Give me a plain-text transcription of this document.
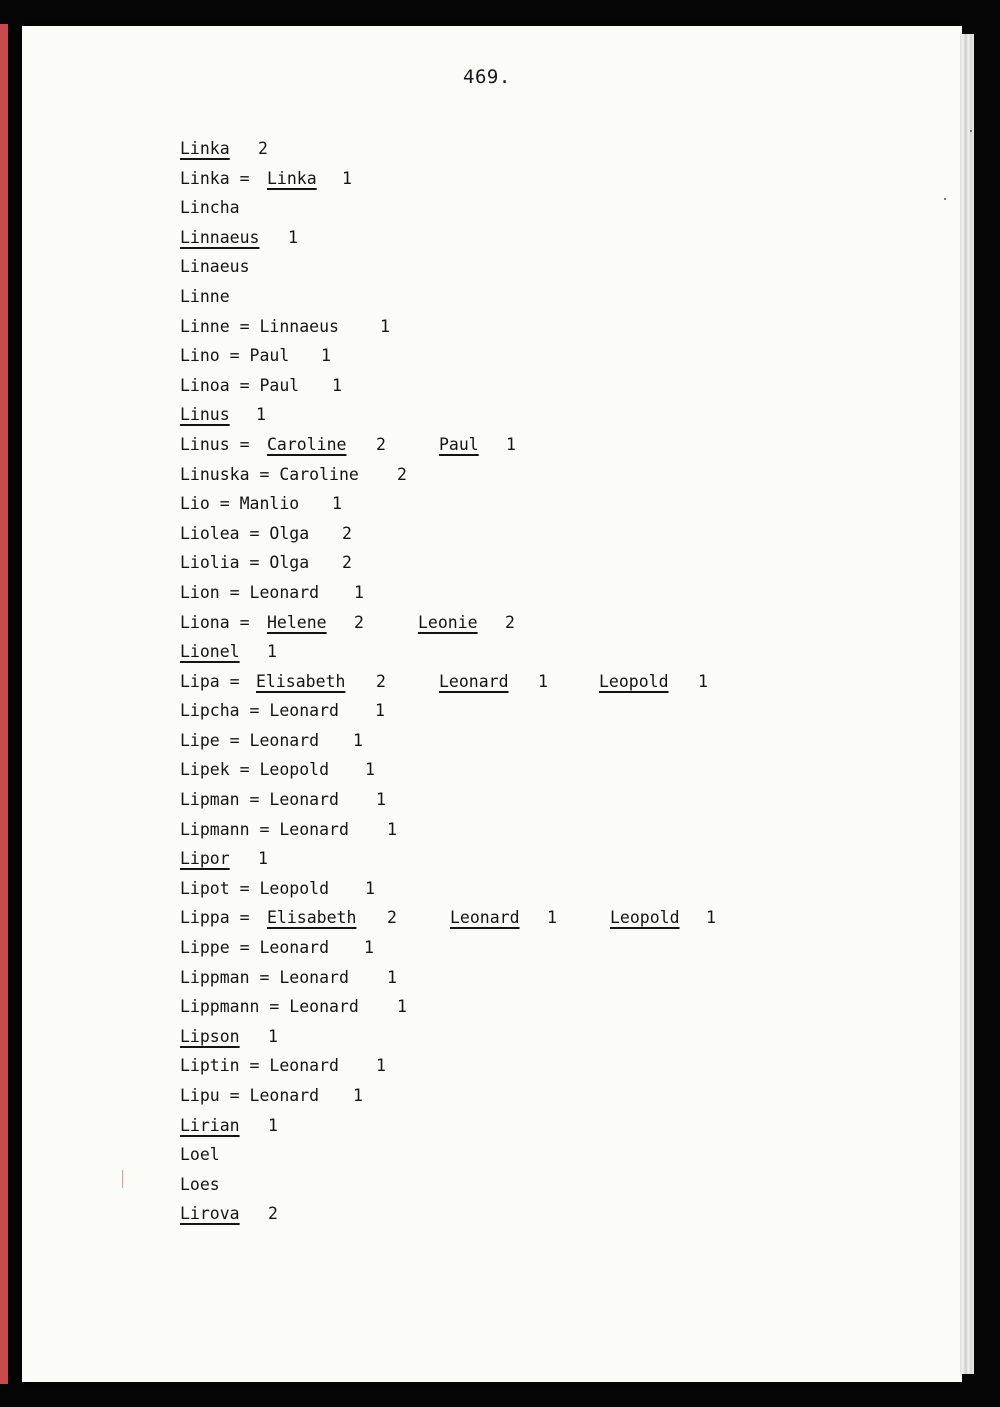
469.
Linka 2
Linka = Linka 1
Lincha
Linnaeus 1
Linaeus
Linne
Linne = Linnaeus 1
Lino = Paul 1
Linoa = Paul 1
Linus 1
Linus = Caroline 2	Paul 1
Linuska = Caroline 2
Lio = Manlio 1
Liolea = Olga 2
Liolia = Olga 2
Lion = Leonard 1
Liona = Helene 2	Leonie 2
Lionel 1
Lipa = Elisabeth 2	Leonard 1	Leopold 1
Lipcha = Leonard 1
Lipe = Leonard 1
Lipek = Leopold 1
Lipman = Leonard 1
Lipmann = Leonard 1
Lipor 1
Lipot = Leopold 1
Lippa = Elisabeth 2	Leonard 1	Leopold 1
Lippe = Leonard 1
Lippman = Leonard 1
Lippmann = Leonard 1
Lipson 1
Liptin = Leonard 1
Lipu = Leonard 1
Lirian 1
Loel
Loes
Lirova 2
